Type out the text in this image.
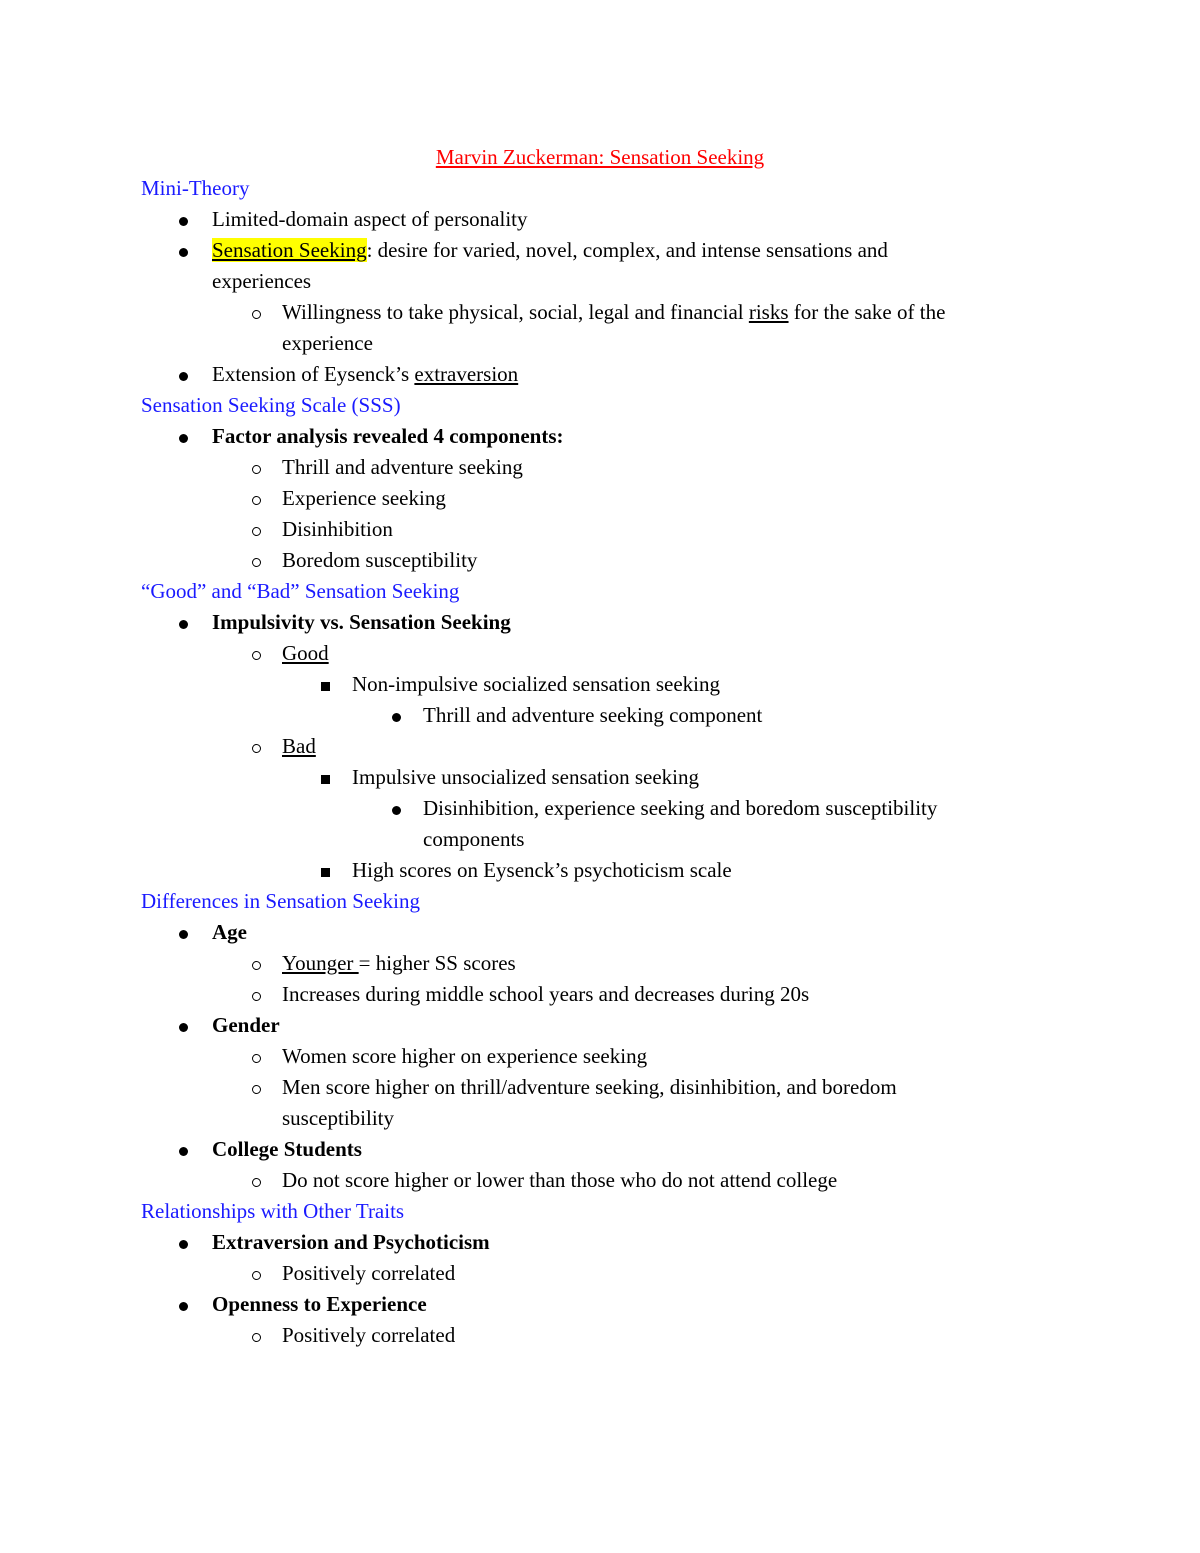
Marvin Zuckerman: Sensation Seeking
Mini-Theory
Limited-domain aspect of personality
Sensation Seeking: desire for varied, novel, complex, and intense sensations and
experiences
Willingness to take physical, social, legal and financial risks for the sake of the
experience
Extension of Eysenck’s extraversion
Sensation Seeking Scale (SSS)
Factor analysis revealed 4 components:
Thrill and adventure seeking
Experience seeking
Disinhibition
Boredom susceptibility
“Good” and “Bad” Sensation Seeking
Impulsivity vs. Sensation Seeking
Good
Non-impulsive socialized sensation seeking
Thrill and adventure seeking component
Bad
Impulsive unsocialized sensation seeking
Disinhibition, experience seeking and boredom susceptibility
components
High scores on Eysenck’s psychoticism scale
Differences in Sensation Seeking
Age
Younger = higher SS scores
Increases during middle school years and decreases during 20s
Gender
Women score higher on experience seeking
Men score higher on thrill/adventure seeking, disinhibition, and boredom
susceptibility
College Students
Do not score higher or lower than those who do not attend college
Relationships with Other Traits
Extraversion and Psychoticism
Positively correlated
Openness to Experience
Positively correlated
